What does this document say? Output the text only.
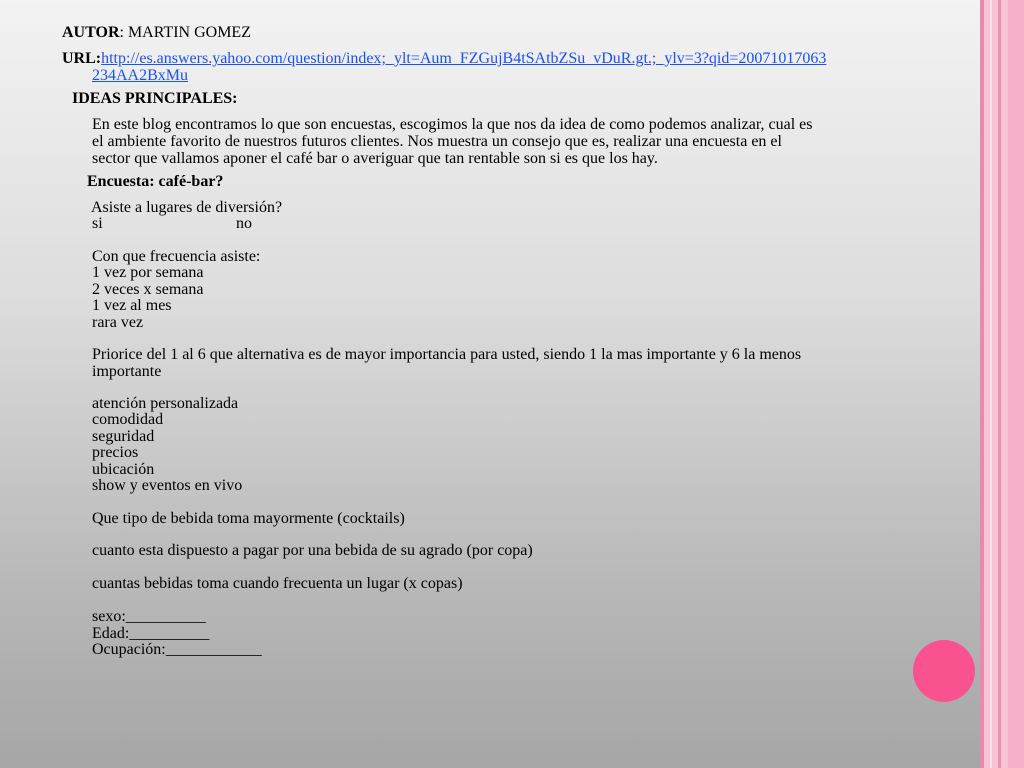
AUTOR: MARTIN GOMEZ
URL:http://es.answers.yahoo.com/question/index;_ylt=Aum_FZGujB4tSAtbZSu_vDuR.gt.;_ylv=3?qid=20071017063
234AA2BxMu
IDEAS PRINCIPALES:
En este blog encontramos lo que son encuestas, escogimos la que nos da idea de como podemos analizar, cual es
el ambiente favorito de nuestros futuros clientes. Nos muestra un consejo que es, realizar una encuesta en el
sector que vallamos aponer el café bar o averiguar que tan rentable son si es que los hay.
Encuesta: café-bar?
Asiste a lugares de diversión?
si	no
Con que frecuencia asiste:
1 vez por semana
2 veces x semana
1 vez al mes
rara vez
Priorice del 1 al 6 que alternativa es de mayor importancia para usted, siendo 1 la mas importante y 6 la menos
importante
atención personalizada
comodidad
seguridad
precios
ubicación
show y eventos en vivo
Que tipo de bebida toma mayormente (cocktails)
cuanto esta dispuesto a pagar por una bebida de su agrado (por copa)
cuantas bebidas toma cuando frecuenta un lugar (x copas)
sexo:__________
Edad:__________
Ocupación:____________
